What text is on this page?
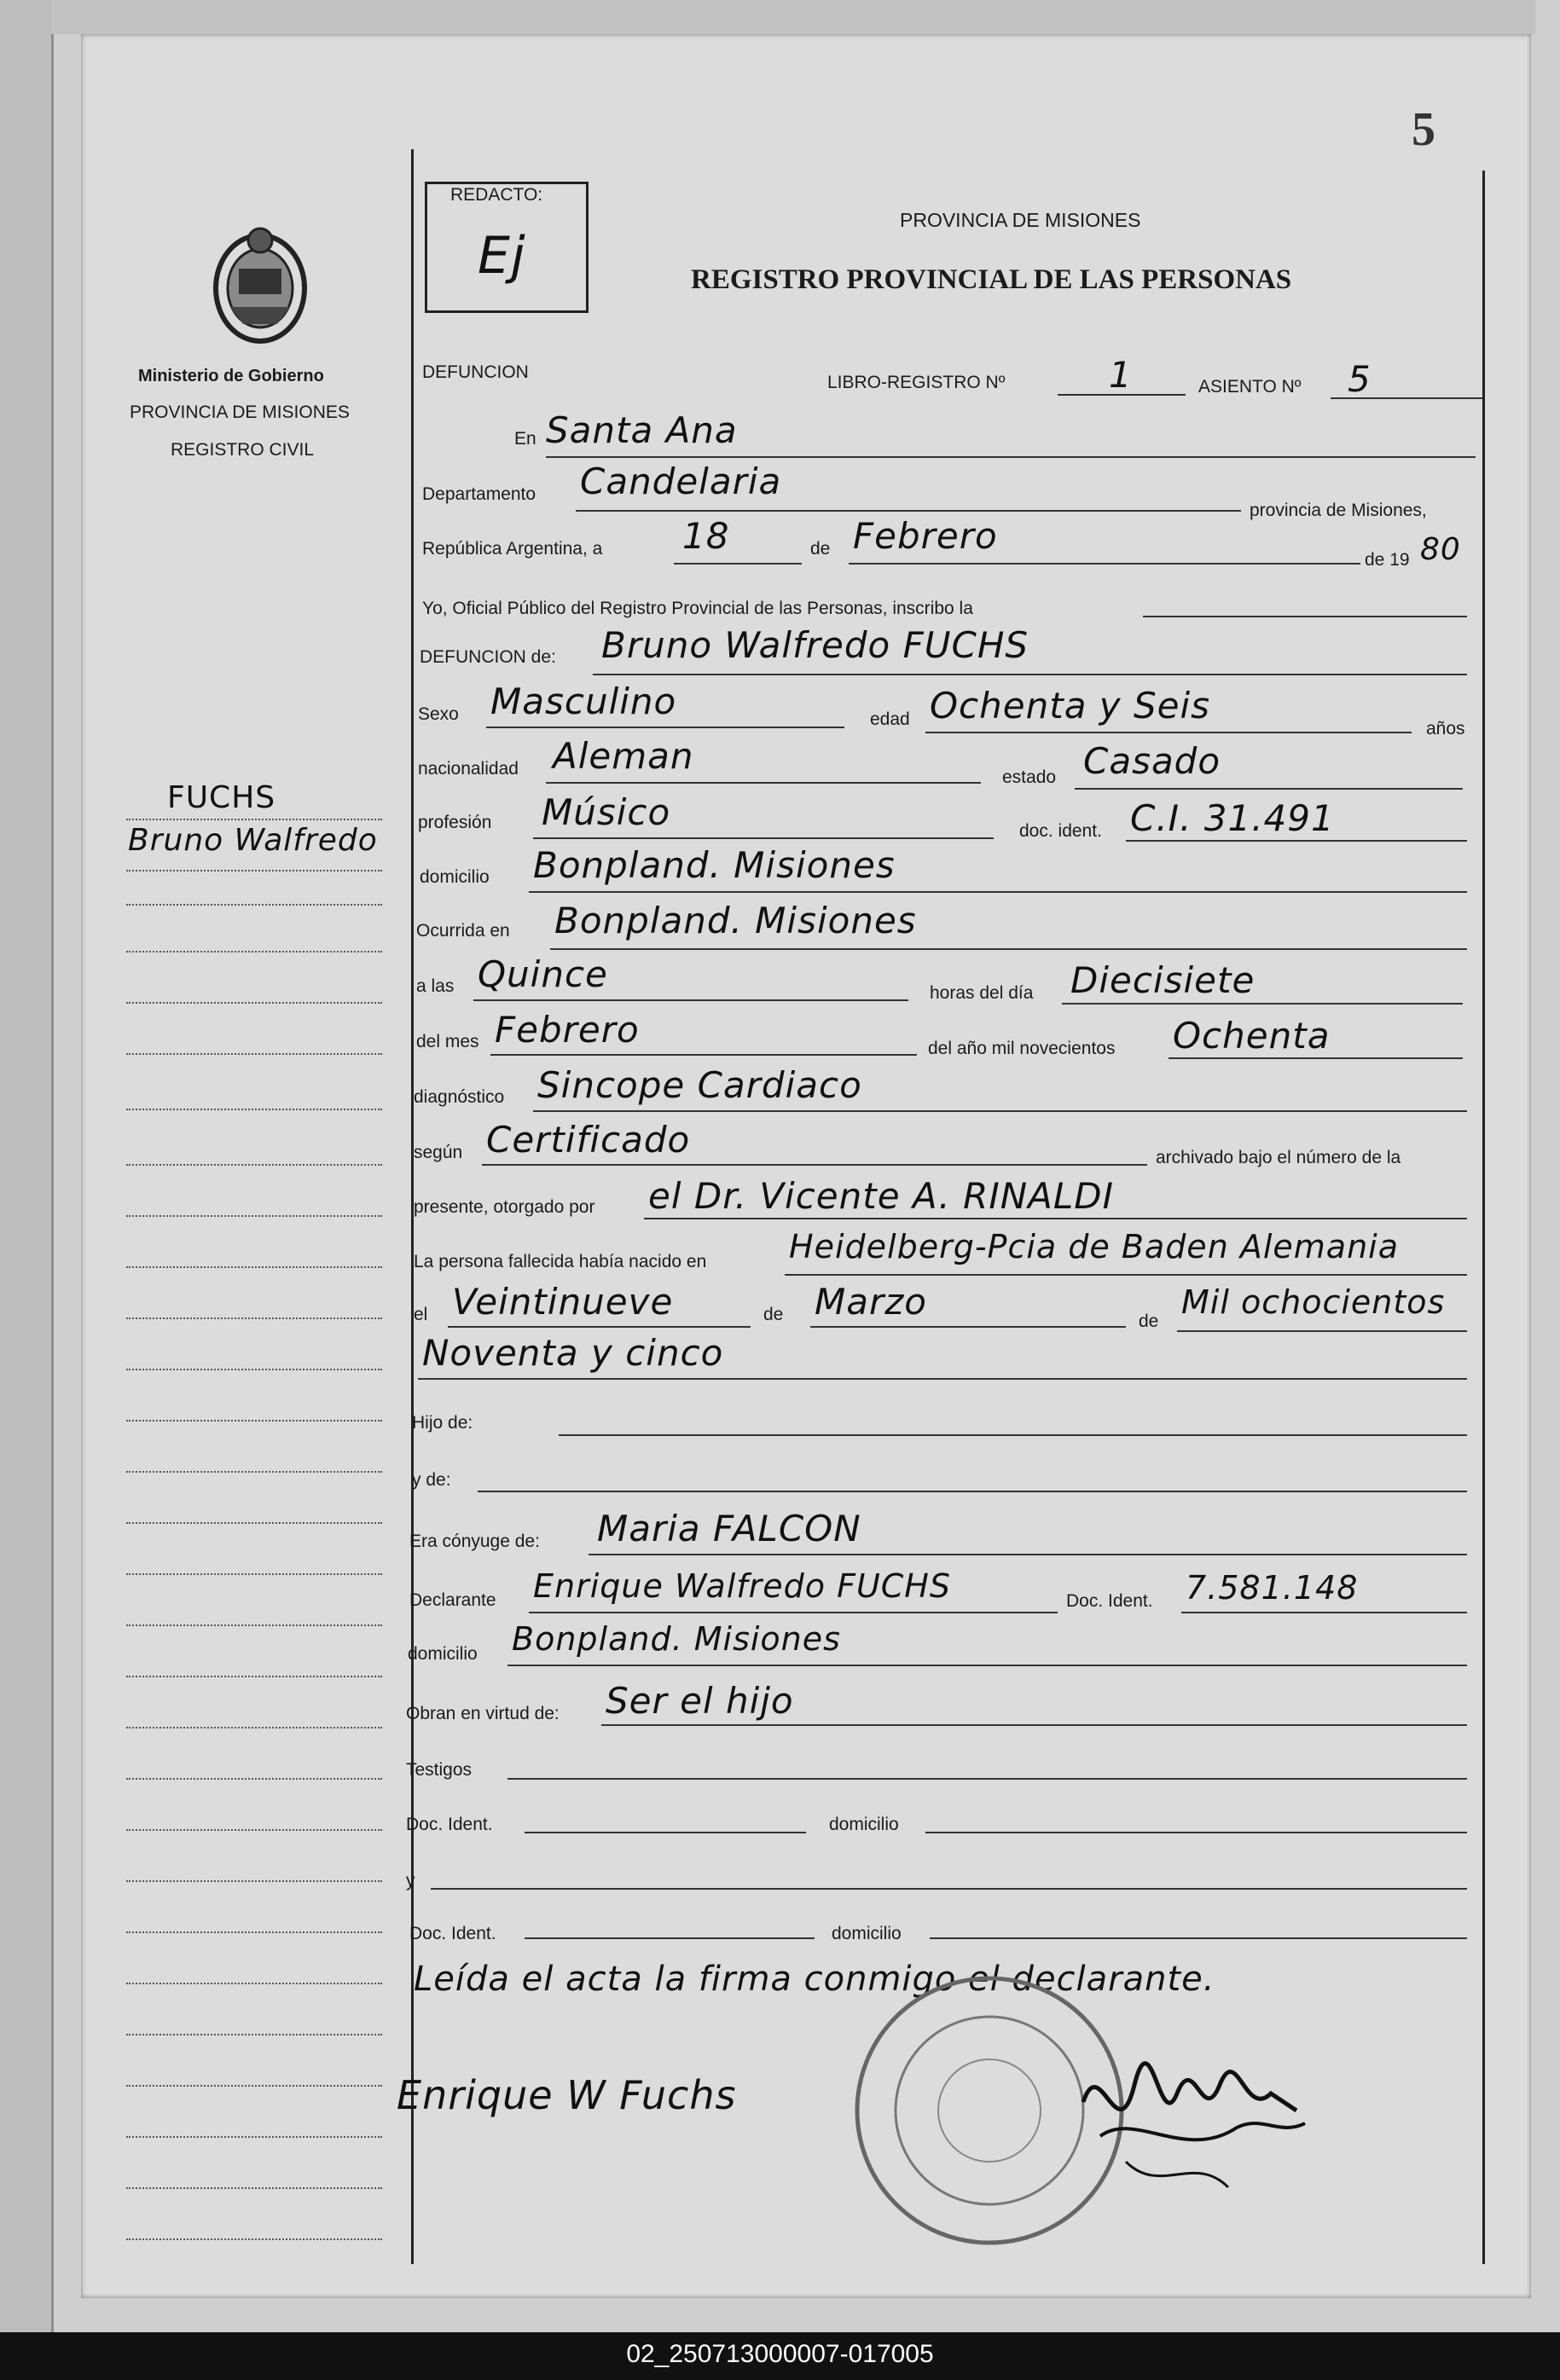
5
Ministerio de Gobierno
PROVINCIA DE MISIONES
REGISTRO CIVIL
FUCHS
Bruno Walfredo
REDACTO:
Ej
DEFUNCION
PROVINCIA DE MISIONES
REGISTRO PROVINCIAL DE LAS PERSONAS
LIBRO-REGISTRO Nº	1	ASIENTO Nº 5
En Santa Ana
Departamento Candelaria
provincia de Misiones,
República Argentina, a 18	de Febrero
de 19 80
Yo, Oficial Público del Registro Provincial de las Personas, inscribo la
DEFUNCION de: Bruno Walfredo FUCHS
Sexo Masculino	edad Ochenta y Seis
años
nacionalidad Aleman
estado Casado
profesión Músico	doc. ident. C.I. 31.491
domicilio Bonpland. Misiones
Ocurrida en Bonpland. Misiones
a las Quince	horas del día Diecisiete
del mes Febrero	del año mil novecientos Ochenta
diagnóstico Sincope Cardiaco
según Certificado	archivado bajo el número de la
presente, otorgado por el Dr. Vicente A. RINALDI
La persona fallecida había nacido en	Heidelberg-Pcia de Baden Alemania
el Veintinueve	de Marzo	de
Mil ochocientos
Noventa y cinco
Hijo de:
y de:
Era cónyuge de: Maria FALCON
Declarante Enrique Walfredo FUCHS	Doc. Ident. 7.581.148
domicilio Bonpland. Misiones
Obran en virtud de: Ser el hijo
Testigos
Doc. Ident.	domicilio
y
Doc. Ident.	domicilio
Leída el acta la firma conmigo el declarante.
Enrique W Fuchs
02_250713000007-017005
